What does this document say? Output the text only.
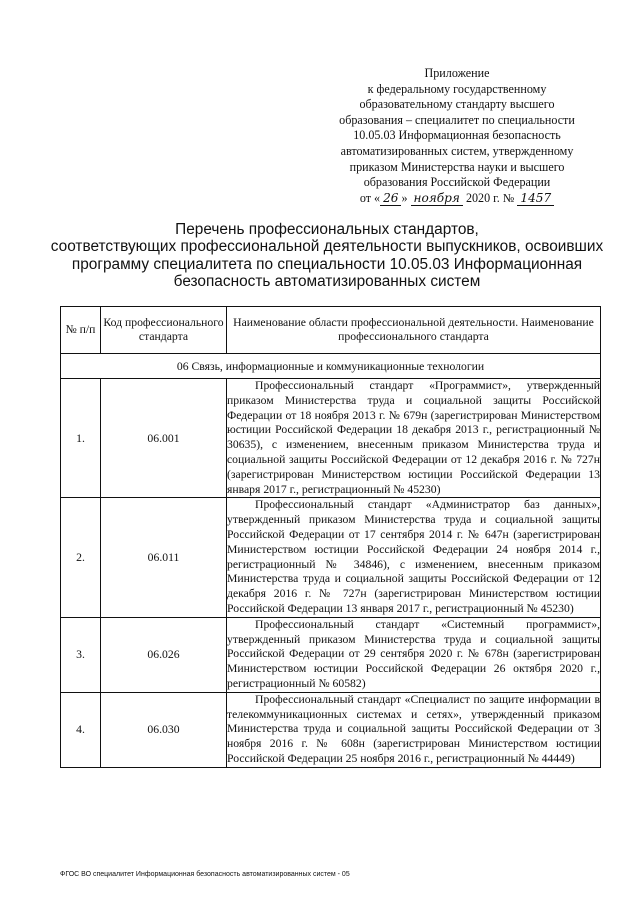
Приложение
к федеральному государственному
образовательному стандарту высшего
образования – специалитет по специальности
10.05.03 Информационная безопасность
автоматизированных систем, утвержденному
приказом Министерства науки и высшего
образования Российской Федерации
от « 26 » ноября 2020 г. № 1457
Перечень профессиональных стандартов,
соответствующих профессиональной деятельности выпускников, освоивших
программу специалитета по специальности 10.05.03 Информационная
безопасность автоматизированных систем
№ п/п	Код профессионального стандарта	Наименование области профессиональной деятельности. Наименование профессионального стандарта
06 Связь, информационные и коммуникационные технологии		
1.	06.001	Профессиональный стандарт «Программист», утвержденный приказом Министерства труда и социальной защиты Российской Федерации от 18 ноября 2013 г. № 679н (зарегистрирован Министерством юстиции Российской Федерации 18 декабря 2013 г., регистрационный № 30635), с изменением, внесенным приказом Министерства труда и социальной защиты Российской Федерации от 12 декабря 2016 г. № 727н (зарегистрирован Министерством юстиции Российской Федерации 13 января 2017 г., регистрационный № 45230)
2.	06.011	Профессиональный стандарт «Администратор баз данных», утвержденный приказом Министерства труда и социальной защиты Российской Федерации от 17 сентября 2014 г. № 647н (зарегистрирован Министерством юстиции Российской Федерации 24 ноября 2014 г., регистрационный № 34846), с изменением, внесенным приказом Министерства труда и социальной защиты Российской Федерации от 12 декабря 2016 г. № 727н (зарегистрирован Министерством юстиции Российской Федерации 13 января 2017 г., регистрационный № 45230)
3.	06.026	Профессиональный стандарт «Системный программист», утвержденный приказом Министерства труда и социальной защиты Российской Федерации от 29 сентября 2020 г. № 678н (зарегистрирован Министерством юстиции Российской Федерации 26 октября 2020 г., регистрационный № 60582)
4.	06.030	Профессиональный стандарт «Специалист по защите информации в телекоммуникационных системах и сетях», утвержденный приказом Министерства труда и социальной защиты Российской Федерации от 3 ноября 2016 г. № 608н (зарегистрирован Министерством юстиции Российской Федерации 25 ноября 2016 г., регистрационный № 44449)
ФГОС ВО специалитет Информационная безопасность автоматизированных систем - 05
